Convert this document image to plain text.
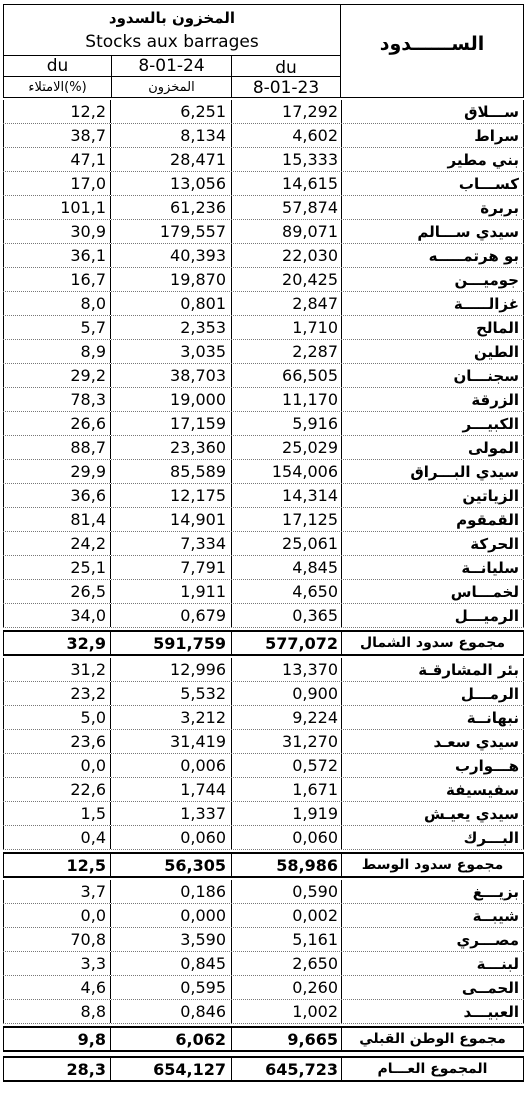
المخزون بالسدود
Stocks aux barrages	الســــــدود
du	8-01-24	du
الامتلاء(%)	المخزون	8-01-23
12,2	6,251	17,292	ســـلاق
38,7	8,134	4,602	سراط
47,1	28,471	15,333	بني مطير
17,0	13,056	14,615	كســـاب
101,1	61,236	57,874	بربرة
30,9	179,557	89,071	سيدي ســـالم
36,1	40,393	22,030	بو هرتمـــــه
16,7	19,870	20,425	جوميـــن
8,0	0,801	2,847	غزالـــــة
5,7	2,353	1,710	المالح
8,9	3,035	2,287	الطين
29,2	38,703	66,505	سجنـــان
78,3	19,000	11,170	الزرقة
26,6	17,159	5,916	الكبيـــر
88,7	23,360	25,029	المولى
29,9	85,589	154,006	سيدي البـــراق
36,6	12,175	14,314	الزياتين
81,4	14,901	17,125	القمقوم
24,2	7,334	25,061	الحركة
25,1	7,791	4,845	سليانــة
26,5	1,911	4,650	لخمـــاس
34,0	0,679	0,365	الرميـــل
32,9	591,759	577,072	مجموع سدود الشمال
31,2	12,996	13,370	بئر المشارقـة
23,2	5,532	0,900	الرمـــل
5,0	3,212	9,224	نبهانــة
23,6	31,419	31,270	سيدي سعـد
0,0	0,006	0,572	هـــوارب
22,6	1,744	1,671	سفيسيفة
1,5	1,337	1,919	سيدي يعيـش
0,4	0,060	0,060	البـــرك
12,5	56,305	58,986	مجموع سدود الوسط
3,7	0,186	0,590	بزيـــغ
0,0	0,000	0,002	شيبــة
70,8	3,590	5,161	مصـــري
3,3	0,845	2,650	لبنـــة
4,6	0,595	0,260	الحمــى
8,8	0,846	1,002	العبيـــد
9,8	6,062	9,665	مجموع الوطن القبلي
28,3	654,127	645,723	المجموع العـــام
